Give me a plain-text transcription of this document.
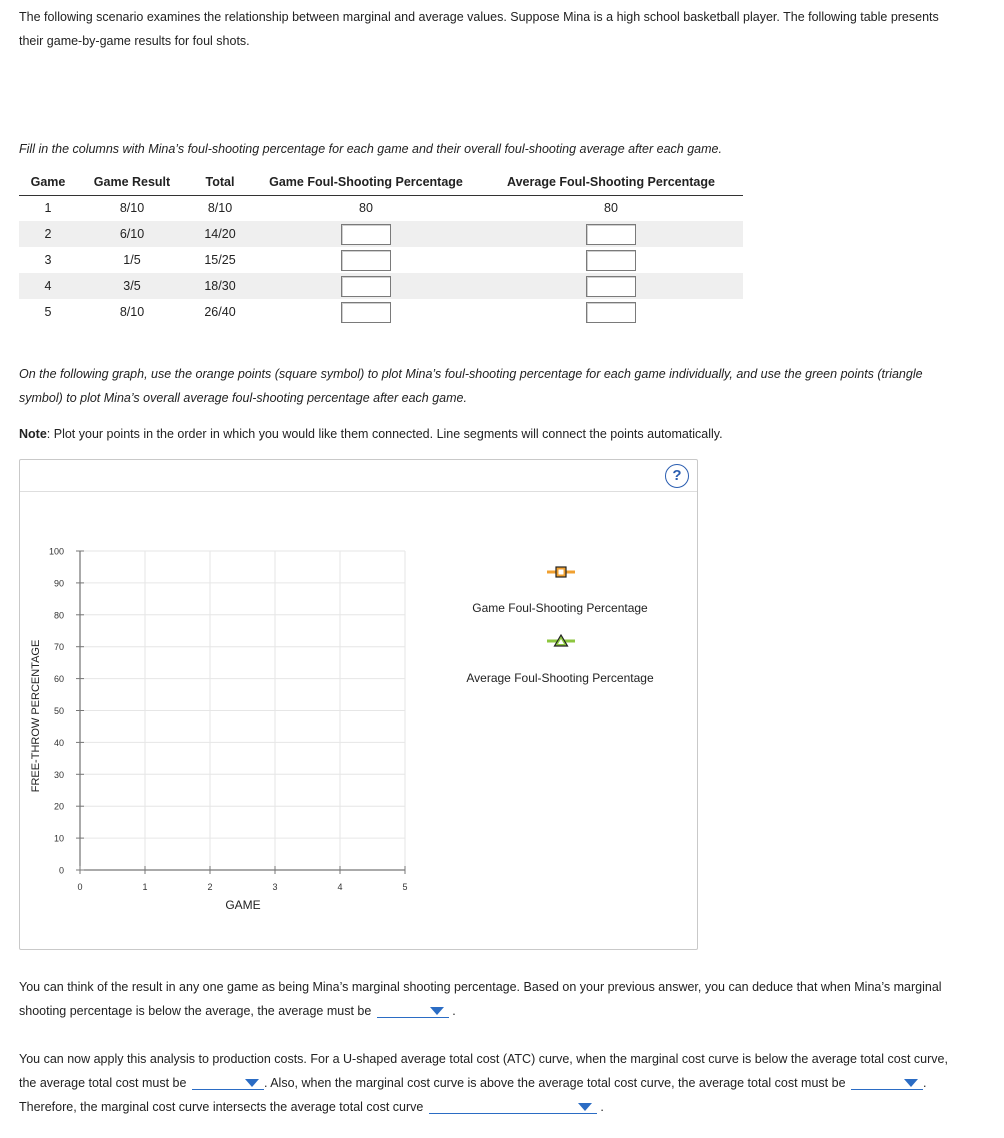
The following scenario examines the relationship between marginal and average values. Suppose Mina is a high school basketball player. The following table presents their game-by-game results for foul shots.
Fill in the columns with Mina’s foul-shooting percentage for each game and their overall foul-shooting average after each game.
Game	Game Result	Total	Game Foul-Shooting Percentage	Average Foul-Shooting Percentage
1	8/10	8/10	80	80
2	6/10	14/20		
3	1/5	15/25		
4	3/5	18/30		
5	8/10	26/40		
On the following graph, use the orange points (square symbol) to plot Mina’s foul-shooting percentage for each game individually, and use the green points (triangle symbol) to plot Mina’s overall average foul-shooting percentage after each game.
Note: Plot your points in the order in which you would like them connected. Line segments will connect the points automatically.
?
0
10
20
30
40
50
60
70
80
90
100
0	1	2	3	4	5
GAME
FREE-THROW PERCENTAGE
Game Foul-Shooting Percentage
Average Foul-Shooting Percentage
You can think of the result in any one game as being Mina’s marginal shooting percentage. Based on your previous answer, you can deduce that when Mina’s marginal shooting percentage is below the average, the average must be	.
You can now apply this analysis to production costs. For a U-shaped average total cost (ATC) curve, when the marginal cost curve is below the average total cost curve, the average total cost must be	. Also, when the marginal cost curve is above the average total cost curve, the average total cost must be	. Therefore, the marginal cost curve intersects the average total cost curve	.
